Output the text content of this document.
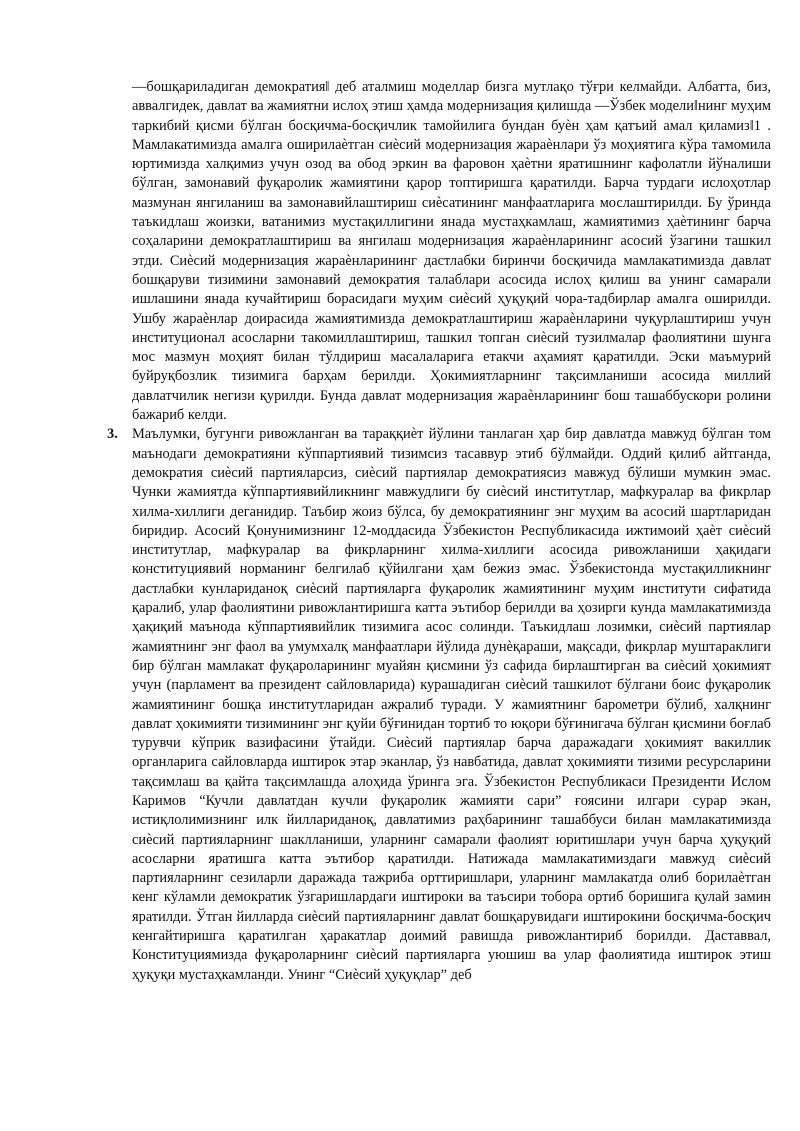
―бошқариладиган демократия‖ деб аталмиш моделлар бизга мутлақо тўғри келмайди. Албатта, биз, аввалгидек, давлат ва жамиятни ислоҳ этиш ҳамда модернизация қилишда ―Ўзбек модели‖нинг муҳим таркибий қисми бўлган босқичма-босқичлик тамойилига бундан буѐн ҳам қатъий амал қиламиз‖1 . Мамлакатимизда амалга оширилаѐтган сиѐсий модернизация жараѐнлари ўз моҳиятига кўра тамомила юртимизда халқимиз учун озод ва обод эркин ва фаровон ҳаѐтни яратишнинг кафолатли йўналиши бўлган, замонавий фуқаролик жамиятини қарор топтиришга қаратилди. Барча турдаги ислоҳотлар мазмунан янгиланиш ва замонавийлаштириш сиѐсатининг манфаатларига мослаштирилди. Бу ўринда таъкидлаш жоизки, ватанимиз мустақиллигини янада мустаҳкамлаш, жамиятимиз ҳаѐтининг барча соҳаларини демократлаштириш ва янгилаш модернизация жараѐнларининг асосий ўзагини ташкил этди. Сиѐсий модернизация жараѐнларининг дастлабки биринчи босқичида мамлакатимизда давлат бошқаруви тизимини замонавий демократия талаблари асосида ислоҳ қилиш ва унинг самарали ишлашини янада кучайтириш борасидаги муҳим сиѐсий ҳуқуқий чора-тадбирлар амалга оширилди. Ушбу жараѐнлар доирасида жамиятимизда демократлаштириш жараѐнларини чуқурлаштириш учун институционал асосларни такомиллаштириш, ташкил топган сиѐсий тузилмалар фаолиятини шунга мос мазмун моҳият билан тўлдириш масалаларига етакчи аҳамият қаратилди. Эски маъмурий буйруқбозлик тизимига барҳам берилди. Ҳокимиятларнинг тақсимланиши асосида миллий давлатчилик негизи қурилди. Бунда давлат модернизация жараѐнларининг бош ташаббускори ролини бажариб келди.

3. Маълумки, бугунги ривожланган ва тараққиѐт йўлини танлаган ҳар бир давлатда мавжуд бўлган том маънодаги демократияни кўппартиявий тизимсиз тасаввур этиб бўлмайди. Оддий қилиб айтганда, демократия сиѐсий партияларсиз, сиѐсий партиялар демократиясиз мавжуд бўлиши мумкин эмас. Чунки жамиятда кўппартиявийликнинг мавжудлиги бу сиѐсий институтлар, мафкуралар ва фикрлар хилма-хиллиги деганидир. Таъбир жоиз бўлса, бу демократиянинг энг муҳим ва асосий шартларидан биридир. Асосий Қонунимизнинг 12-моддасида Ўзбекистон Республикасида ижтимоий ҳаѐт сиѐсий институтлар, мафкуралар ва фикрларнинг хилма-хиллиги асосида ривожланиши ҳақидаги конституциявий норманинг белгилаб қўйилгани ҳам бежиз эмас. Ўзбекистонда мустақилликнинг дастлабки кунлариданоқ сиѐсий партияларга фуқаролик жамиятининг муҳим институти сифатида қаралиб, улар фаолиятини ривожлантиришга катта эътибор берилди ва ҳозирги кунда мамлакатимизда ҳақиқий маънода кўппартиявийлик тизимига асос солинди. Таъкидлаш лозимки, сиѐсий партиялар жамиятнинг энг фаол ва умумхалқ манфаатлари йўлида дунѐқараши, мақсади, фикрлар муштараклиги бир бўлган мамлакат фуқароларининг муайян қисмини ўз сафида бирлаштирган ва сиѐсий ҳокимият учун (парламент ва президент сайловларида) курашадиган сиѐсий ташкилот бўлгани боис фуқаролик жамиятининг бошқа институтларидан ажралиб туради. У жамиятнинг барометри бўлиб, халқнинг давлат ҳокимияти тизимининг энг қуйи бўғинидан тортиб то юқори бўғинигача бўлган қисмини боғлаб турувчи кўприк вазифасини ўтайди. Сиѐсий партиялар барча даражадаги ҳокимият вакиллик органларига сайловларда иштирок этар эканлар, ўз навбатида, давлат ҳокимияти тизими ресурсларини тақсимлаш ва қайта тақсимлашда алоҳида ўринга эга. Ўзбекистон Республикаси Президенти Ислом Каримов “Кучли давлатдан кучли фуқаролик жамияти сари” ғоясини илгари сурар экан, истиқлолимизнинг илк йиллариданоқ, давлатимиз раҳбарининг ташаббуси билан мамлакатимизда сиѐсий партияларнинг шаклланиши, уларнинг самарали фаолият юритишлари учун барча ҳуқуқий асосларни яратишга катта эътибор қаратилди. Натижада мамлакатимиздаги мавжуд сиѐсий партияларнинг сезиларли даражада тажриба орттиришлари, уларнинг мамлакатда олиб борилаѐтган кенг кўламли демократик ўзгаришлардаги иштироки ва таъсири тобора ортиб боришига қулай замин яратилди. Ўтган йилларда сиѐсий партияларнинг давлат бошқарувидаги иштирокини босқичма-босқич кенгайтиришга қаратилган ҳаракатлар доимий равишда ривожлантириб борилди. Даставвал, Конституциямизда фуқароларнинг сиѐсий партияларга уюшиш ва улар фаолиятида иштирок этиш ҳуқуқи мустаҳкамланди. Унинг “Сиѐсий ҳуқуқлар” деб
